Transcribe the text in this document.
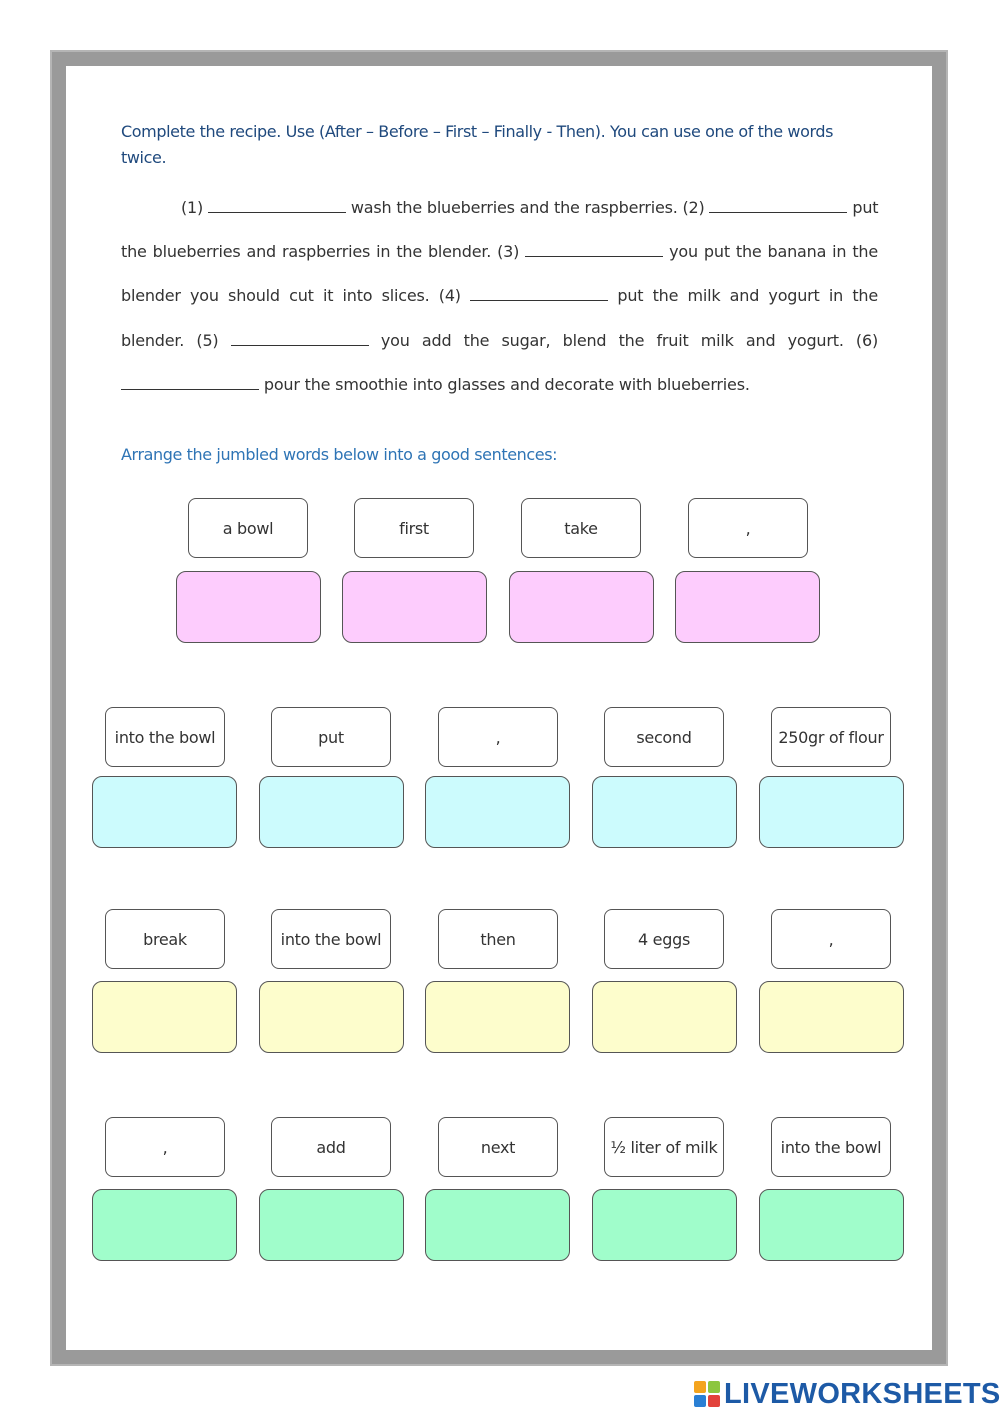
Complete the recipe. Use (After – Before – First – Finally - Then). You can use one of the words twice.
(1)	wash the blueberries and the raspberries. (2)	put
the blueberries and raspberries in the blender. (3)	you put the banana in the
blender you should cut it into slices. (4)	put the milk and yogurt in the
blender. (5)	you add the sugar, blend the fruit milk and yogurt. (6)
pour the smoothie into glasses and decorate with blueberries.
Arrange the jumbled words below into a good sentences:
a bowl	first	take	,
into the bowl	put	,	second	250gr of flour
break	into the bowl	then	4 eggs	,
,	add	next	½ liter of milk	into the bowl
LIVEWORKSHEETS
